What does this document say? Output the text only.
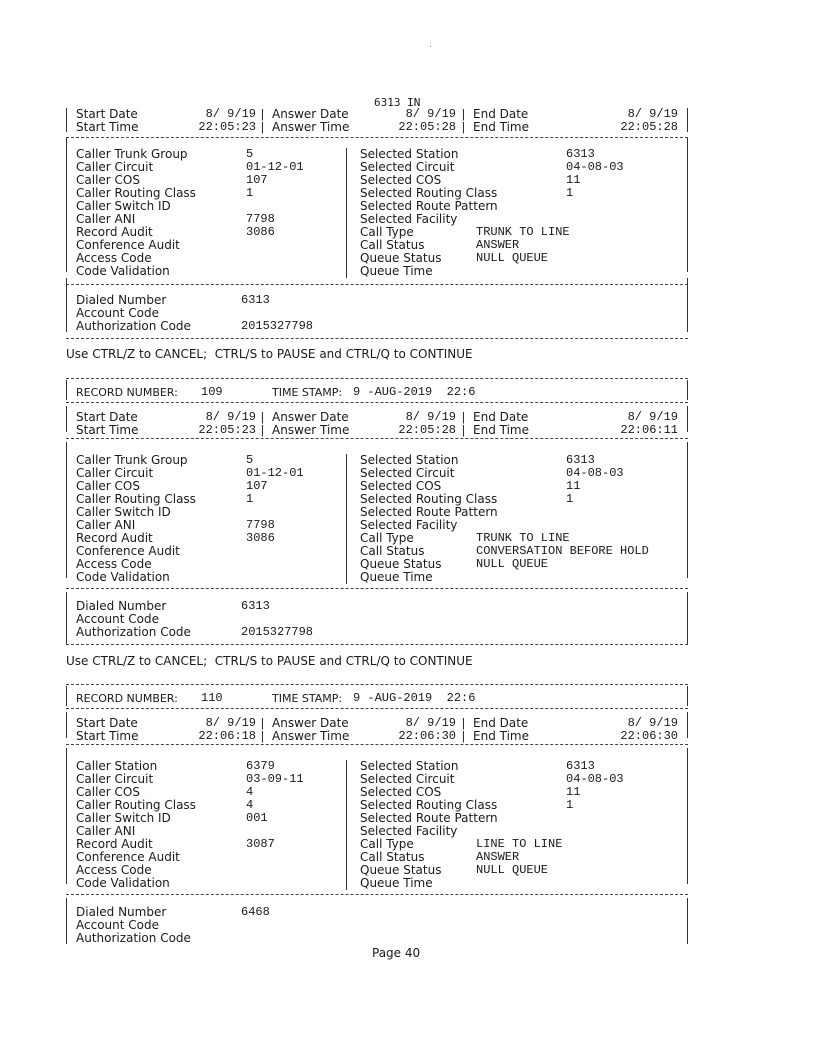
6313 IN
Start Date	8/ 9/19 | Answer Date	8/ 9/19 | End Date	8/ 9/19
Start Time	22:05:23 | Answer Time	22:05:28 | End Time	22:05:28
Caller Trunk Group	5
Caller Circuit	01-12-01
Caller COS	107
Caller Routing Class	1
Caller Switch ID
Caller ANI	7798
Record Audit	3086
Conference Audit
Access Code
Code Validation
Selected Station	6313
Selected Circuit	04-08-03
Selected COS	11
Selected Routing Class	1
Selected Route Pattern
Selected Facility
Call Type	TRUNK TO LINE
Call Status	ANSWER
Queue Status	NULL QUEUE
Queue Time
Dialed Number	6313
Account Code
Authorization Code	2015327798
Use CTRL/Z to CANCEL;  CTRL/S to PAUSE and CTRL/Q to CONTINUE
RECORD NUMBER: 109	TIME STAMP: 9 -AUG-2019  22:6
Start Date	8/ 9/19 | Answer Date	8/ 9/19 | End Date	8/ 9/19
Start Time	22:05:23 | Answer Time	22:05:28 | End Time	22:06:11
Caller Trunk Group	5
Caller Circuit	01-12-01
Caller COS	107
Caller Routing Class	1
Caller Switch ID
Caller ANI	7798
Record Audit	3086
Conference Audit
Access Code
Code Validation
Selected Station	6313
Selected Circuit	04-08-03
Selected COS	11
Selected Routing Class	1
Selected Route Pattern
Selected Facility
Call Type	TRUNK TO LINE
Call Status	CONVERSATION BEFORE HOLD
Queue Status	NULL QUEUE
Queue Time
Dialed Number	6313
Account Code
Authorization Code	2015327798
Use CTRL/Z to CANCEL;  CTRL/S to PAUSE and CTRL/Q to CONTINUE
RECORD NUMBER: 110	TIME STAMP: 9 -AUG-2019  22:6
Start Date	8/ 9/19 | Answer Date	8/ 9/19 | End Date	8/ 9/19
Start Time	22:06:18 | Answer Time	22:06:30 | End Time	22:06:30
Caller Station	6379
Caller Circuit	03-09-11
Caller COS	4
Caller Routing Class	4
Caller Switch ID	001
Caller ANI
Record Audit	3087
Conference Audit
Access Code
Code Validation
Selected Station	6313
Selected Circuit	04-08-03
Selected COS	11
Selected Routing Class	1
Selected Route Pattern
Selected Facility
Call Type	LINE TO LINE
Call Status	ANSWER
Queue Status	NULL QUEUE
Queue Time
Dialed Number	6468
Account Code
Authorization Code
Page 40
